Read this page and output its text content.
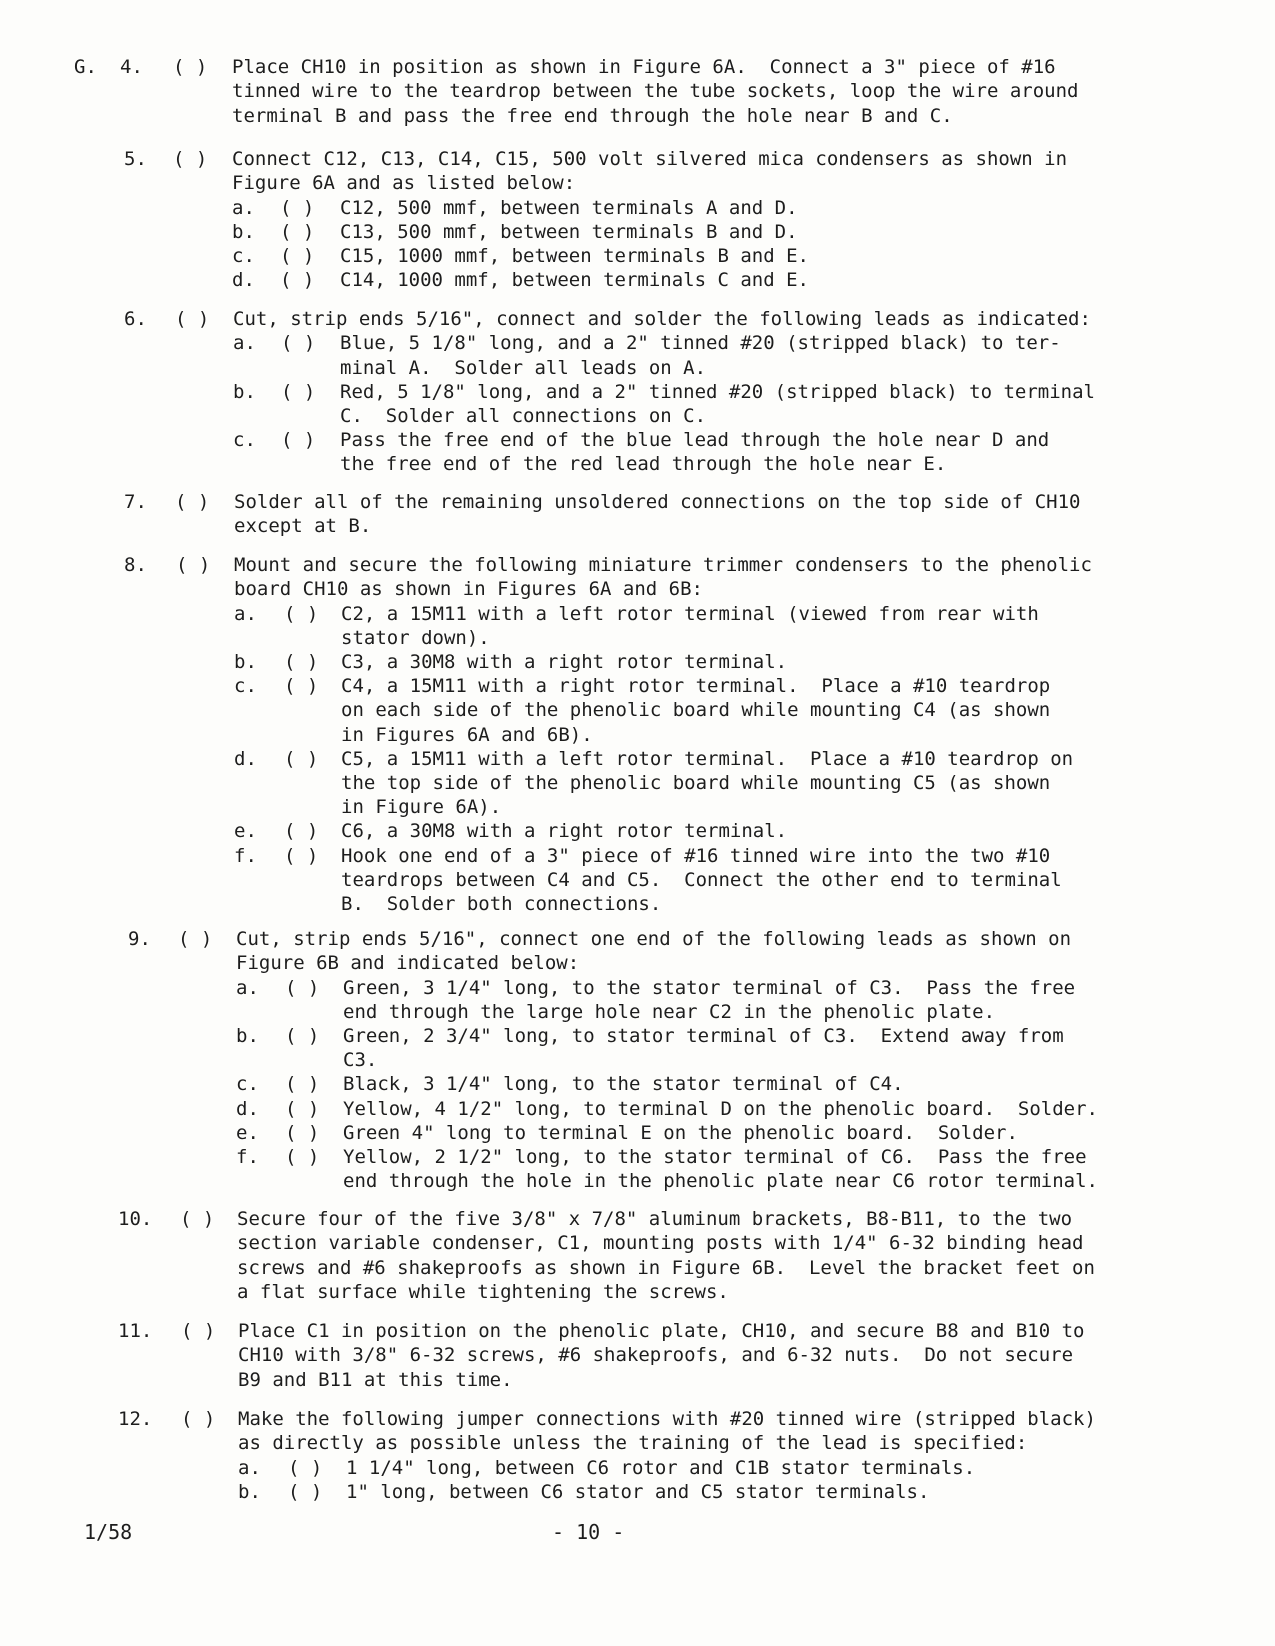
G. 4. ( ) Place CH10 in position as shown in Figure 6A.  Connect a 3" piece of #16
tinned wire to the teardrop between the tube sockets, loop the wire around
terminal B and pass the free end through the hole near B and C.
5. ( ) Connect C12, C13, C14, C15, 500 volt silvered mica condensers as shown in
Figure 6A and as listed below:
a. ( ) C12, 500 mmf, between terminals A and D.
b. ( ) C13, 500 mmf, between terminals B and D.
c. ( ) C15, 1000 mmf, between terminals B and E.
d. ( ) C14, 1000 mmf, between terminals C and E.
6. ( ) Cut, strip ends 5/16", connect and solder the following leads as indicated:
a. ( ) Blue, 5 1/8" long, and a 2" tinned #20 (stripped black) to ter-
minal A.  Solder all leads on A.
b. ( ) Red, 5 1/8" long, and a 2" tinned #20 (stripped black) to terminal
C.  Solder all connections on C.
c. ( ) Pass the free end of the blue lead through the hole near D and
the free end of the red lead through the hole near E.
7. ( ) Solder all of the remaining unsoldered connections on the top side of CH10
except at B.
8. ( ) Mount and secure the following miniature trimmer condensers to the phenolic
board CH10 as shown in Figures 6A and 6B:
a. ( ) C2, a 15M11 with a left rotor terminal (viewed from rear with
stator down).
b. ( ) C3, a 30M8 with a right rotor terminal.
c. ( ) C4, a 15M11 with a right rotor terminal.  Place a #10 teardrop
on each side of the phenolic board while mounting C4 (as shown
in Figures 6A and 6B).
d. ( ) C5, a 15M11 with a left rotor terminal.  Place a #10 teardrop on
the top side of the phenolic board while mounting C5 (as shown
in Figure 6A).
e. ( ) C6, a 30M8 with a right rotor terminal.
f. ( ) Hook one end of a 3" piece of #16 tinned wire into the two #10
teardrops between C4 and C5.  Connect the other end to terminal
B.  Solder both connections.
9. ( ) Cut, strip ends 5/16", connect one end of the following leads as shown on
Figure 6B and indicated below:
a. ( ) Green, 3 1/4" long, to the stator terminal of C3.  Pass the free
end through the large hole near C2 in the phenolic plate.
b. ( ) Green, 2 3/4" long, to stator terminal of C3.  Extend away from
C3.
c. ( ) Black, 3 1/4" long, to the stator terminal of C4.
d. ( ) Yellow, 4 1/2" long, to terminal D on the phenolic board.  Solder.
e. ( ) Green 4" long to terminal E on the phenolic board.  Solder.
f. ( ) Yellow, 2 1/2" long, to the stator terminal of C6.  Pass the free
end through the hole in the phenolic plate near C6 rotor terminal.
10. ( ) Secure four of the five 3/8" x 7/8" aluminum brackets, B8-B11, to the two
section variable condenser, C1, mounting posts with 1/4" 6-32 binding head
screws and #6 shakeproofs as shown in Figure 6B.  Level the bracket feet on
a flat surface while tightening the screws.
11. ( ) Place C1 in position on the phenolic plate, CH10, and secure B8 and B10 to
CH10 with 3/8" 6-32 screws, #6 shakeproofs, and 6-32 nuts.  Do not secure
B9 and B11 at this time.
12. ( ) Make the following jumper connections with #20 tinned wire (stripped black)
as directly as possible unless the training of the lead is specified:
a. ( ) 1 1/4" long, between C6 rotor and C1B stator terminals.
b. ( ) 1" long, between C6 stator and C5 stator terminals.
1/58	- 10 -
